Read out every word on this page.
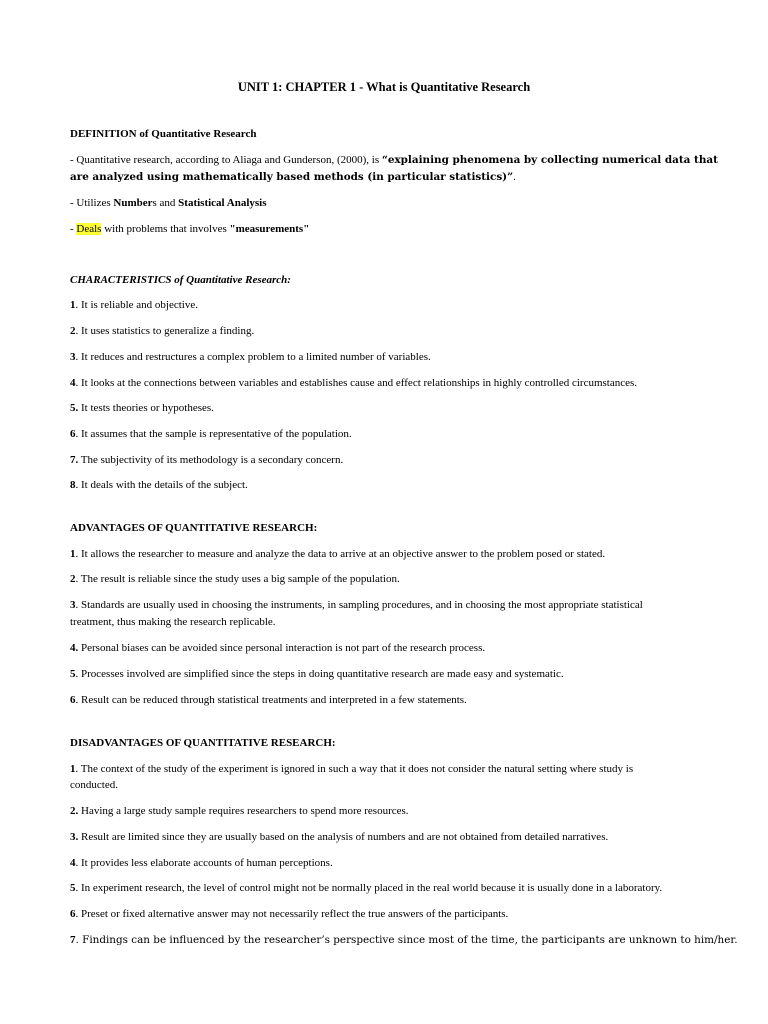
UNIT 1: CHAPTER 1 - What is Quantitative Research
DEFINITION of Quantitative Research
- Quantitative research, according to Aliaga and Gunderson, (2000), is “explaining phenomena by collecting numerical data that
are analyzed using mathematically based methods (in particular statistics)”.
- Utilizes Numbers and Statistical Analysis
- Deals with problems that involves "measurements"
CHARACTERISTICS of Quantitative Research:
1. It is reliable and objective.
2. It uses statistics to generalize a finding.
3. It reduces and restructures a complex problem to a limited number of variables.
4. It looks at the connections between variables and establishes cause and effect relationships in highly controlled circumstances.
5. It tests theories or hypotheses.
6. It assumes that the sample is representative of the population.
7. The subjectivity of its methodology is a secondary concern.
8. It deals with the details of the subject.
ADVANTAGES OF QUANTITATIVE RESEARCH:
1. It allows the researcher to measure and analyze the data to arrive at an objective answer to the problem posed or stated.
2. The result is reliable since the study uses a big sample of the population.
3. Standards are usually used in choosing the instruments, in sampling procedures, and in choosing the most appropriate statistical
treatment, thus making the research replicable.
4. Personal biases can be avoided since personal interaction is not part of the research process.
5. Processes involved are simplified since the steps in doing quantitative research are made easy and systematic.
6. Result can be reduced through statistical treatments and interpreted in a few statements.
DISADVANTAGES OF QUANTITATIVE RESEARCH:
1. The context of the study of the experiment is ignored in such a way that it does not consider the natural setting where study is
conducted.
2. Having a large study sample requires researchers to spend more resources.
3. Result are limited since they are usually based on the analysis of numbers and are not obtained from detailed narratives.
4. It provides less elaborate accounts of human perceptions.
5. In experiment research, the level of control might not be normally placed in the real world because it is usually done in a laboratory.
6. Preset or fixed alternative answer may not necessarily reflect the true answers of the participants.
7. Findings can be influenced by the researcher’s perspective since most of the time, the participants are unknown to him/her.
